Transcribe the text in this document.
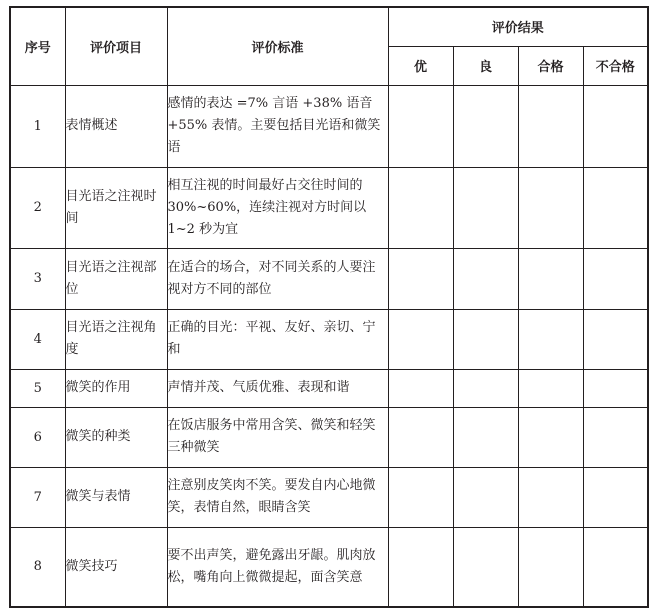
序号	评价项目	评价标准	评价结果			
			优	良	合格	不合格
1	表情概述	感情的表达 =7% 言语 +38% 语音 +55% 表情。主要包括目光语和微笑语				
2	目光语之注视时间	相互注视的时间最好占交往时间的 30%~60%，连续注视对方时间以 1~2 秒为宜				
3	目光语之注视部位	在适合的场合，对不同关系的人要注视对方不同的部位				
4	目光语之注视角度	正确的目光：平视、友好、亲切、宁和				
5	微笑的作用	声情并茂、气质优雅、表现和谐				
6	微笑的种类	在饭店服务中常用含笑、微笑和轻笑三种微笑				
7	微笑与表情	注意别皮笑肉不笑。要发自内心地微笑，表情自然，眼睛含笑				
8	微笑技巧	要不出声笑，避免露出牙龈。肌肉放松，嘴角向上微微提起，面含笑意				
